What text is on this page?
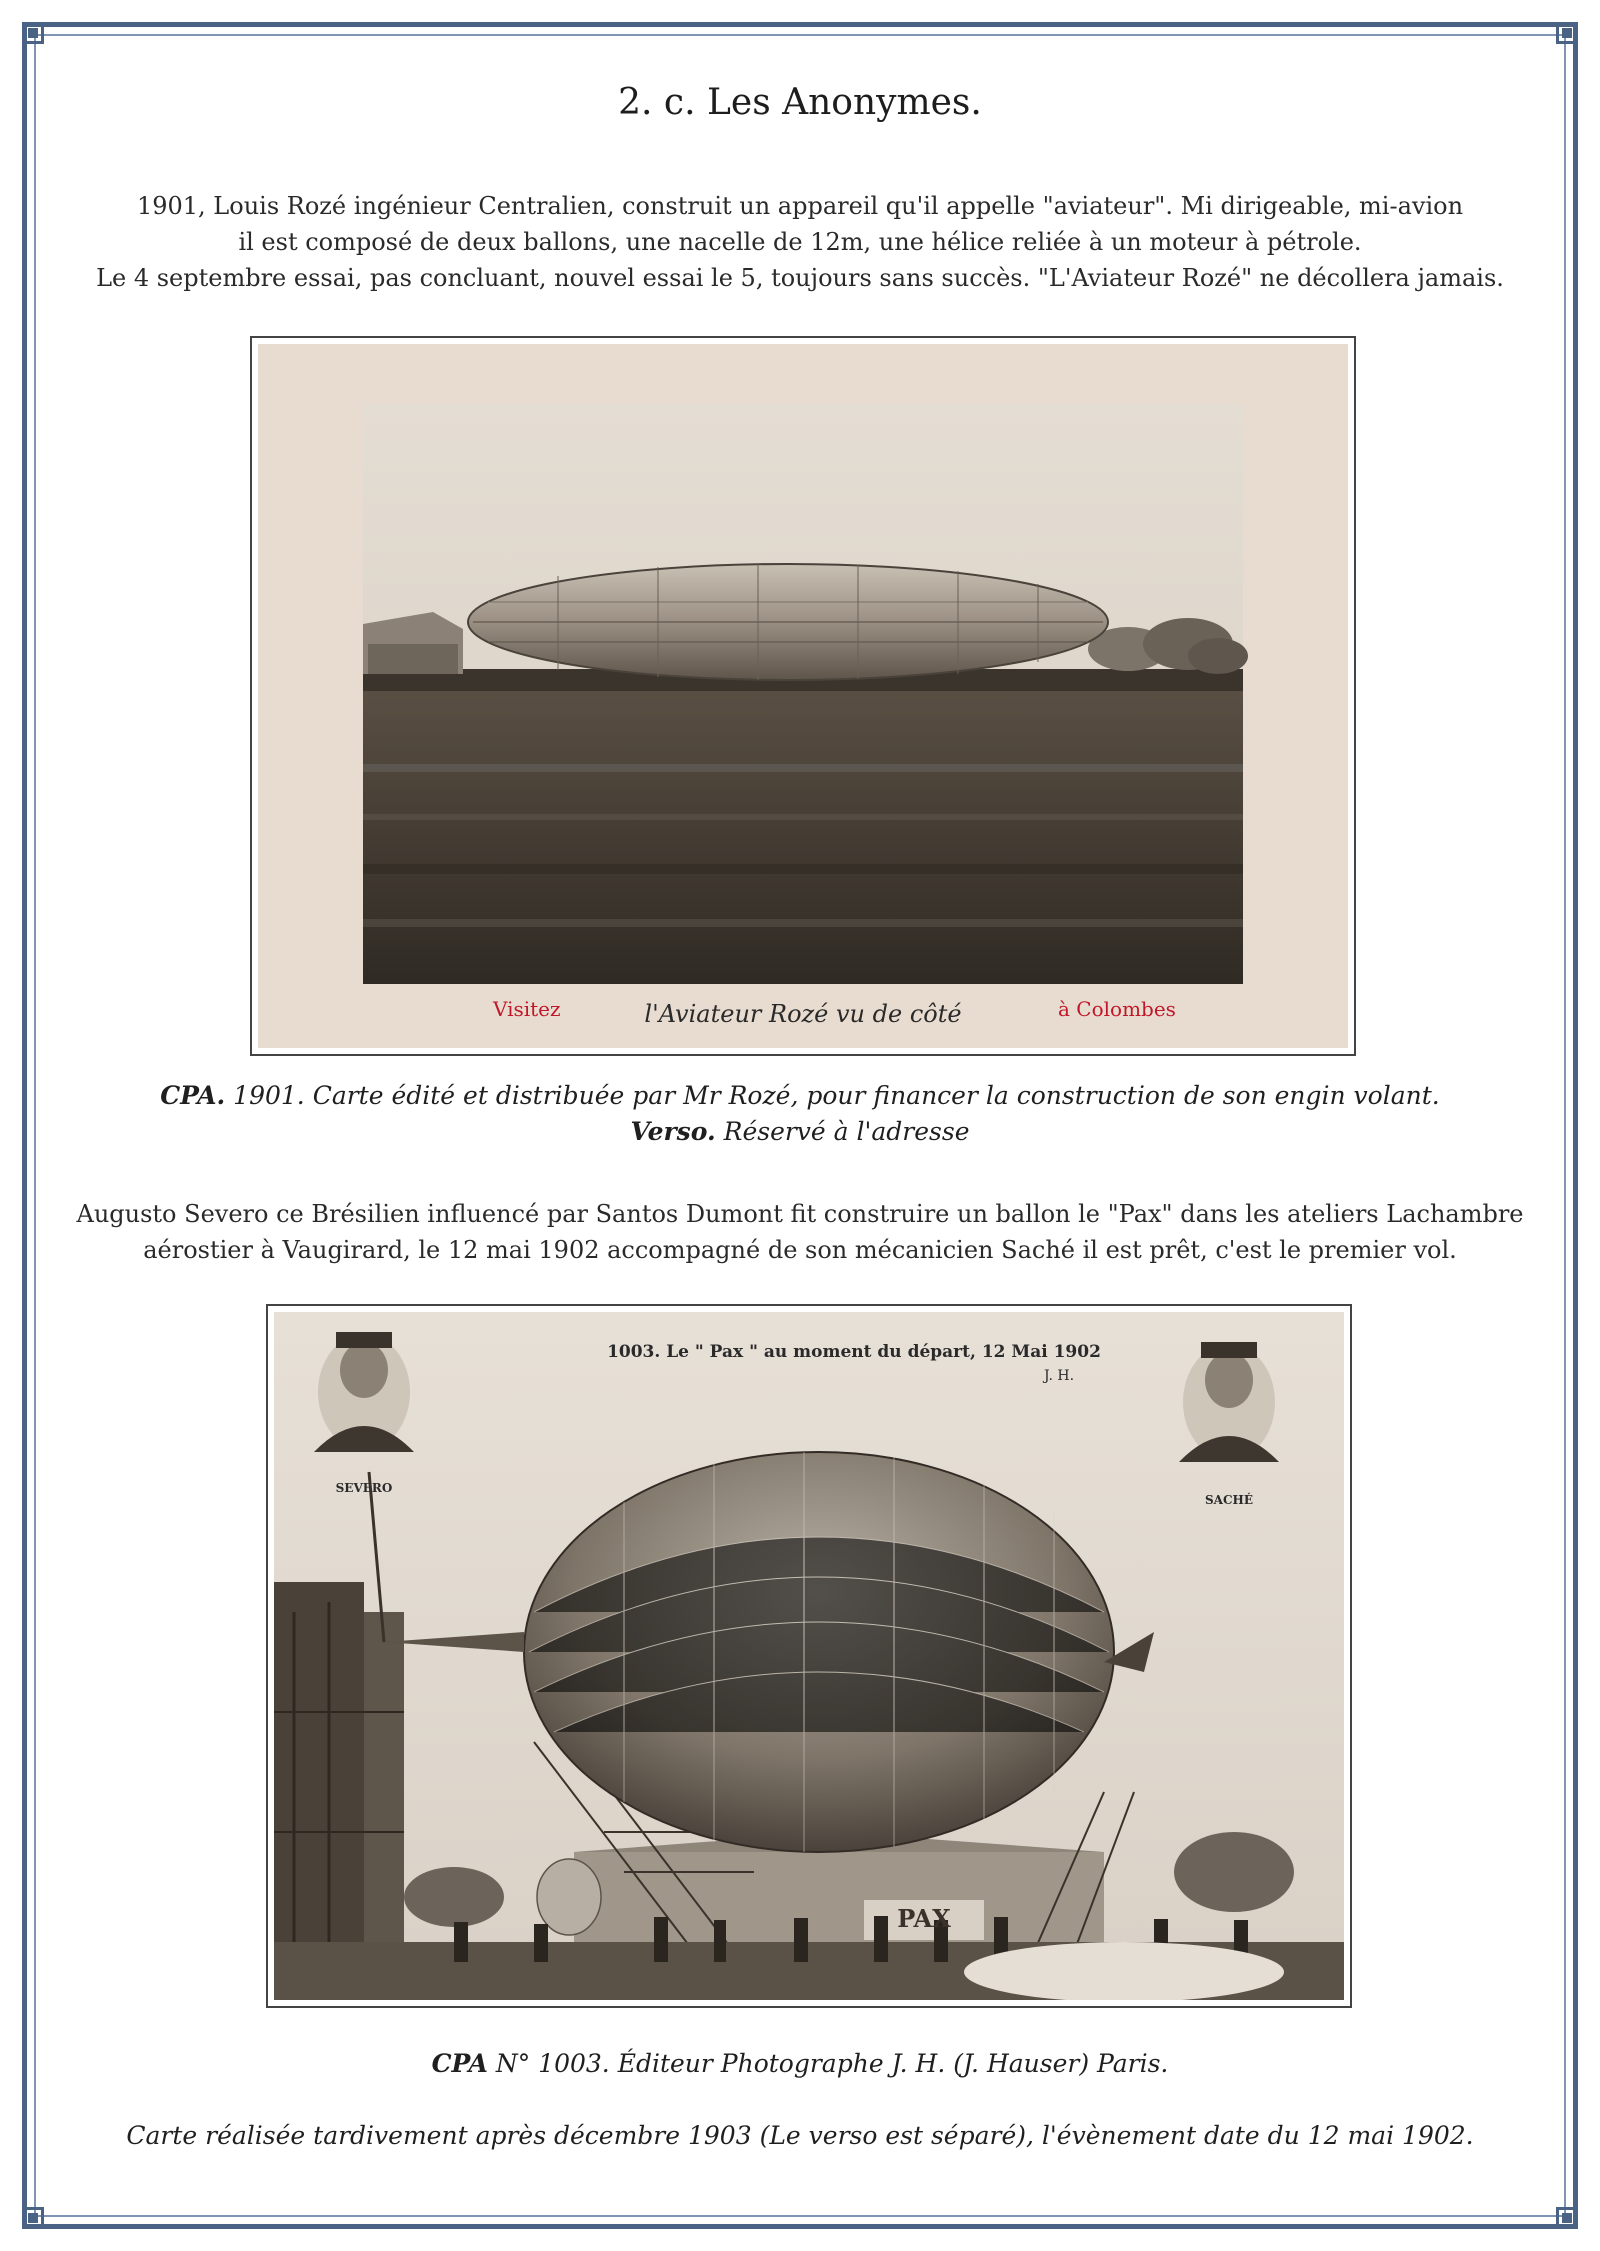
2. c. Les Anonymes.

1901, Louis Rozé ingénieur Centralien, construit un appareil qu'il appelle "aviateur". Mi dirigeable, mi-avion

il est composé de deux ballons, une nacelle de 12m, une hélice reliée à un moteur à pétrole.

Le 4 septembre essai, pas concluant, nouvel essai le 5, toujours sans succès. "L'Aviateur Rozé" ne décollera jamais.

Visitez	l'Aviateur Rozé vu de côté	à Colombes
CPA. 1901. Carte édité et distribuée par Mr Rozé, pour financer la construction de son engin volant.
Verso. Réservé à l'adresse

Augusto Severo ce Brésilien influencé par Santos Dumont fit construire un ballon le "Pax" dans les ateliers Lachambre

aérostier à Vaugirard, le 12 mai 1902 accompagné de son mécanicien Saché il est prêt, c'est le premier vol.

1003. Le " Pax " au moment du départ, 12 Mai 1902
J. H.
SEVERO
SACHÉ
PAX
CPA N° 1003. Éditeur Photographe J. H. (J. Hauser) Paris.
Carte réalisée tardivement après décembre 1903 (Le verso est séparé), l'évènement date du 12 mai 1902.
